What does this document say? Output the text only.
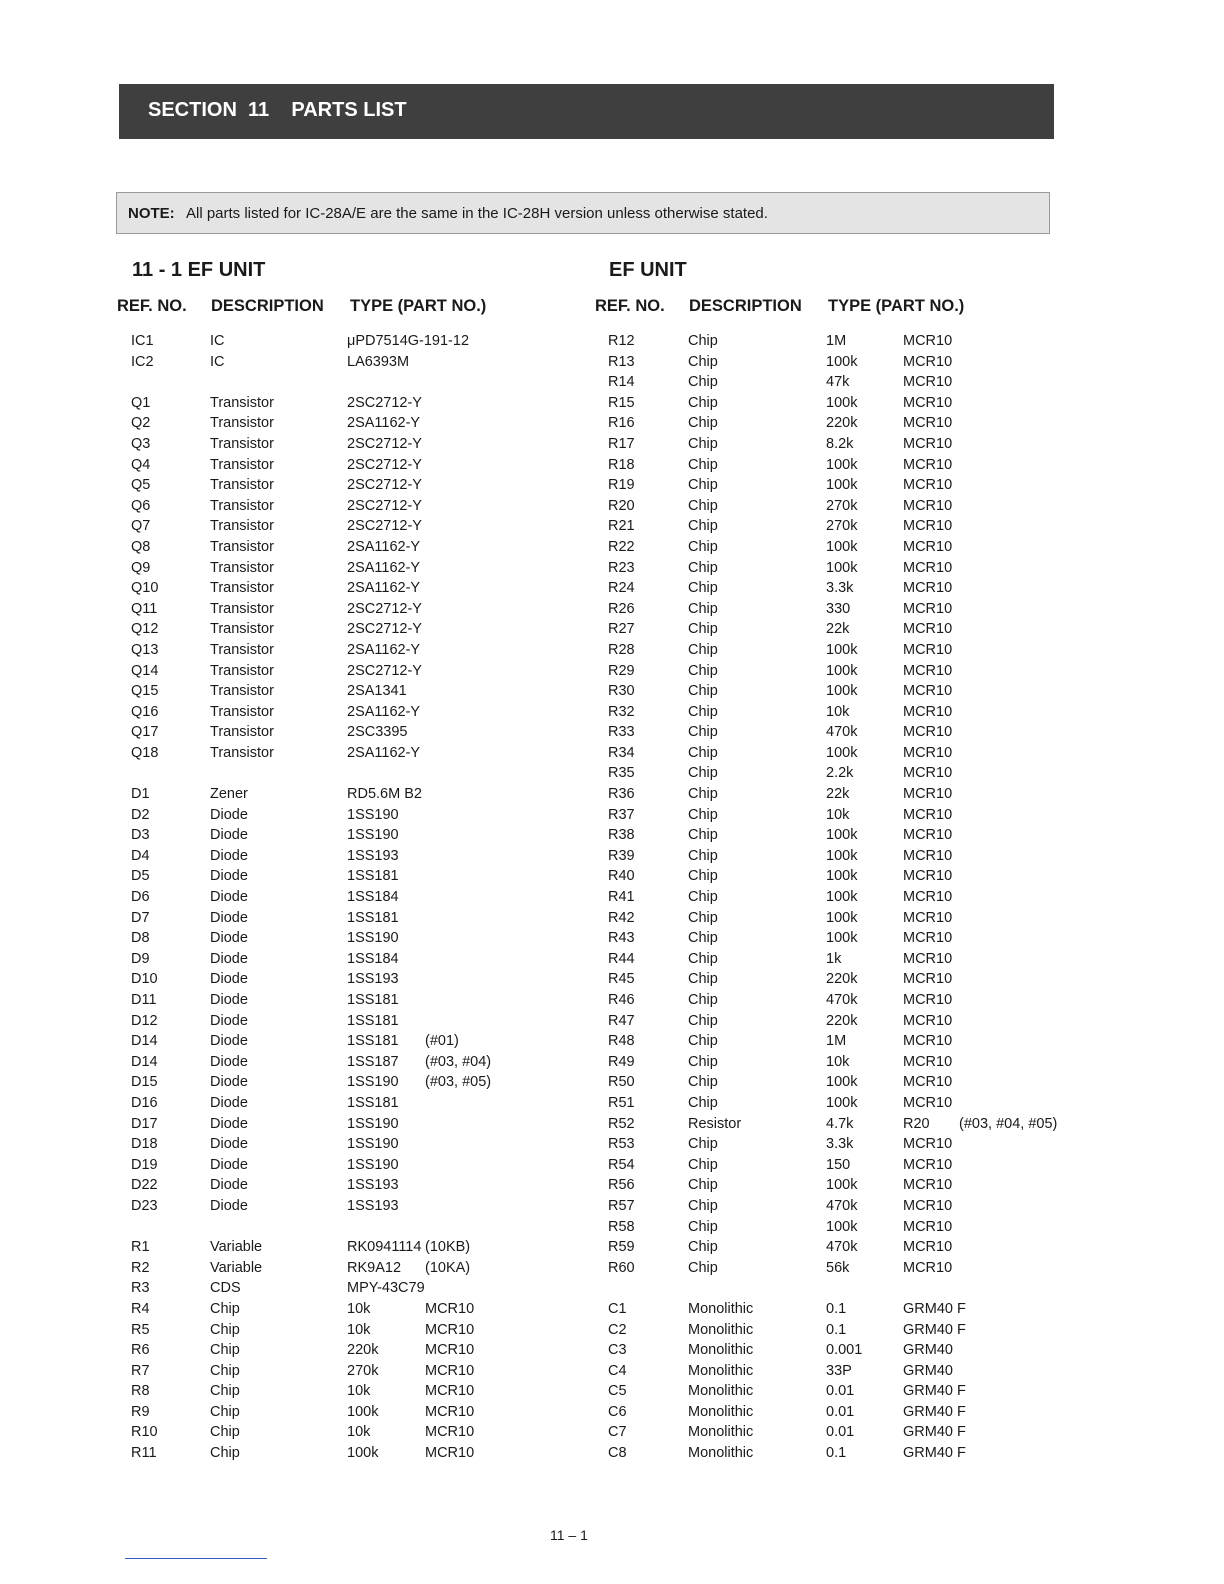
SECTION  11    PARTS LIST
NOTE: All parts listed for IC-28A/E are the same in the IC-28H version unless otherwise stated.
11 - 1 EF UNIT
REF. NO. DESCRIPTION TYPE (PART NO.)
EF UNIT
REF. NO. DESCRIPTION TYPE (PART NO.)
IC1	IC	μPD7514G-191-12
IC2	IC	LA6393M
Q1	Transistor	2SC2712-Y
Q2	Transistor	2SA1162-Y
Q3	Transistor	2SC2712-Y
Q4	Transistor	2SC2712-Y
Q5	Transistor	2SC2712-Y
Q6	Transistor	2SC2712-Y
Q7	Transistor	2SC2712-Y
Q8	Transistor	2SA1162-Y
Q9	Transistor	2SA1162-Y
Q10	Transistor	2SA1162-Y
Q11	Transistor	2SC2712-Y
Q12	Transistor	2SC2712-Y
Q13	Transistor	2SA1162-Y
Q14	Transistor	2SC2712-Y
Q15	Transistor	2SA1341
Q16	Transistor	2SA1162-Y
Q17	Transistor	2SC3395
Q18	Transistor	2SA1162-Y
D1	Zener	RD5.6M B2
D2	Diode	1SS190
D3	Diode	1SS190
D4	Diode	1SS193
D5	Diode	1SS181
D6	Diode	1SS184
D7	Diode	1SS181
D8	Diode	1SS190
D9	Diode	1SS184
D10	Diode	1SS193
D11	Diode	1SS181
D12	Diode	1SS181
D14	Diode	1SS181 (#01)
D14	Diode	1SS187 (#03, #04)
D15	Diode	1SS190 (#03, #05)
D16	Diode	1SS181
D17	Diode	1SS190
D18	Diode	1SS190
D19	Diode	1SS190
D22	Diode	1SS193
D23	Diode	1SS193
R1	Variable	RK0941114 (10KB)
R2	Variable	RK9A12 (10KA)
R3	CDS	MPY-43C79
R4	Chip	10k	MCR10
R5	Chip	10k	MCR10
R6	Chip	220k	MCR10
R7	Chip	270k	MCR10
R8	Chip	10k	MCR10
R9	Chip	100k	MCR10
R10	Chip	10k	MCR10
R11	Chip	100k	MCR10
R12	Chip	1M	MCR10
R13	Chip	100k	MCR10
R14	Chip	47k	MCR10
R15	Chip	100k	MCR10
R16	Chip	220k	MCR10
R17	Chip	8.2k	MCR10
R18	Chip	100k	MCR10
R19	Chip	100k	MCR10
R20	Chip	270k	MCR10
R21	Chip	270k	MCR10
R22	Chip	100k	MCR10
R23	Chip	100k	MCR10
R24	Chip	3.3k	MCR10
R26	Chip	330	MCR10
R27	Chip	22k	MCR10
R28	Chip	100k	MCR10
R29	Chip	100k	MCR10
R30	Chip	100k	MCR10
R32	Chip	10k	MCR10
R33	Chip	470k	MCR10
R34	Chip	100k	MCR10
R35	Chip	2.2k	MCR10
R36	Chip	22k	MCR10
R37	Chip	10k	MCR10
R38	Chip	100k	MCR10
R39	Chip	100k	MCR10
R40	Chip	100k	MCR10
R41	Chip	100k	MCR10
R42	Chip	100k	MCR10
R43	Chip	100k	MCR10
R44	Chip	1k	MCR10
R45	Chip	220k	MCR10
R46	Chip	470k	MCR10
R47	Chip	220k	MCR10
R48	Chip	1M	MCR10
R49	Chip	10k	MCR10
R50	Chip	100k	MCR10
R51	Chip	100k	MCR10
R52	Resistor	4.7k	R20 (#03, #04, #05)
R53	Chip	3.3k	MCR10
R54	Chip	150	MCR10
R56	Chip	100k	MCR10
R57	Chip	470k	MCR10
R58	Chip	100k	MCR10
R59	Chip	470k	MCR10
R60	Chip	56k	MCR10
C1	Monolithic	0.1	GRM40 F
C2	Monolithic	0.1	GRM40 F
C3	Monolithic	0.001	GRM40
C4	Monolithic	33P	GRM40
C5	Monolithic	0.01	GRM40 F
C6	Monolithic	0.01	GRM40 F
C7	Monolithic	0.01	GRM40 F
C8	Monolithic	0.1	GRM40 F
11 – 1
